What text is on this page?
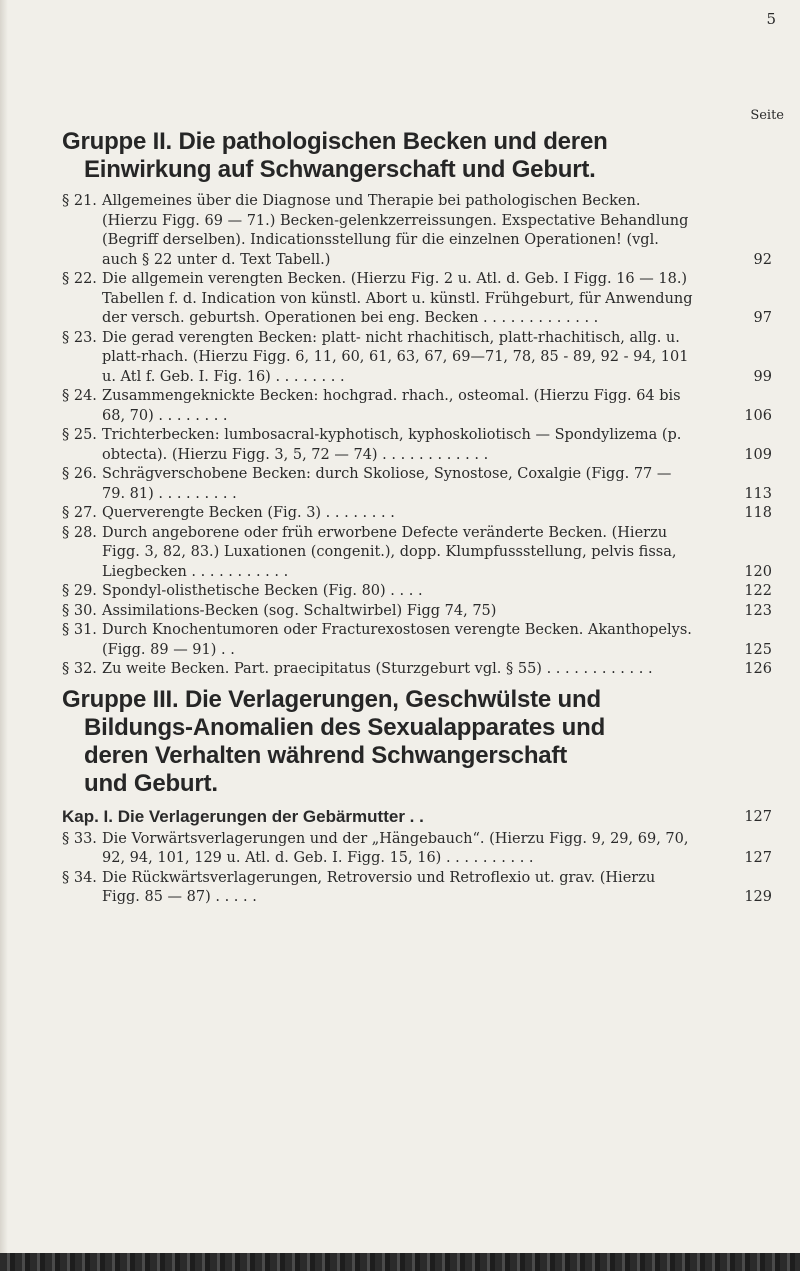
5
Seite
Gruppe II. Die pathologischen Becken und deren
Einwirkung auf Schwangerschaft und Geburt.
§ 21. Allgemeines über die Diagnose und Therapie bei pathologischen Becken. (Hierzu Figg. 69 — 71.) Becken-gelenkzerreissungen. Exspectative Behandlung (Begriff derselben). Indicationsstellung für die einzelnen Operationen! (vgl. auch § 22 unter d. Text Tabell.)	92
§ 22. Die allgemein verengten Becken. (Hierzu Fig. 2 u. Atl. d. Geb. I Figg. 16 — 18.) Tabellen f. d. Indication von künstl. Abort u. künstl. Frühgeburt, für Anwendung der versch. geburtsh. Operationen bei eng. Becken . . . . . . . . . . . . .	97
§ 23. Die gerad verengten Becken: platt- nicht rhachitisch, platt-rhachitisch, allg. u. platt-rhach. (Hierzu Figg. 6, 11, 60, 61, 63, 67, 69—71, 78, 85 - 89, 92 - 94, 101 u. Atl f. Geb. I. Fig. 16) . . . . . . . .	99
§ 24. Zusammengeknickte Becken: hochgrad. rhach., osteomal. (Hierzu Figg. 64 bis 68, 70) . . . . . . . .	106
§ 25. Trichterbecken: lumbosacral-kyphotisch, kyphoskoliotisch — Spondylizema (p. obtecta). (Hierzu Figg. 3, 5, 72 — 74) . . . . . . . . . . . .	109
§ 26. Schrägverschobene Becken: durch Skoliose, Synostose, Coxalgie (Figg. 77 — 79. 81) . . . . . . . . .	113
§ 27. Querverengte Becken (Fig. 3) . . . . . . . .	118
§ 28. Durch angeborene oder früh erworbene Defecte veränderte Becken. (Hierzu Figg. 3, 82, 83.) Luxationen (congenit.), dopp. Klumpfussstellung, pelvis fissa, Liegbecken . . . . . . . . . . .	120
§ 29. Spondyl-olisthetische Becken (Fig. 80) . . . .	122
§ 30. Assimilations-Becken (sog. Schaltwirbel) Figg 74, 75)	123
§ 31. Durch Knochentumoren oder Fracturexostosen verengte Becken. Akanthopelys. (Figg. 89 — 91) . .	125
§ 32. Zu weite Becken. Part. praecipitatus (Sturzgeburt vgl. § 55) . . . . . . . . . . . .	126
Gruppe III. Die Verlagerungen, Geschwülste und
Bildungs-Anomalien des Sexualapparates und
deren Verhalten während Schwangerschaft
und Geburt.
Kap. I. Die Verlagerungen der Gebärmutter . .	127
§ 33. Die Vorwärtsverlagerungen und der „Hängebauch“. (Hierzu Figg. 9, 29, 69, 70, 92, 94, 101, 129 u. Atl. d. Geb. I. Figg. 15, 16) . . . . . . . . . .	127
§ 34. Die Rückwärtsverlagerungen, Retroversio und Retroflexio ut. grav. (Hierzu Figg. 85 — 87) . . . . .	129
